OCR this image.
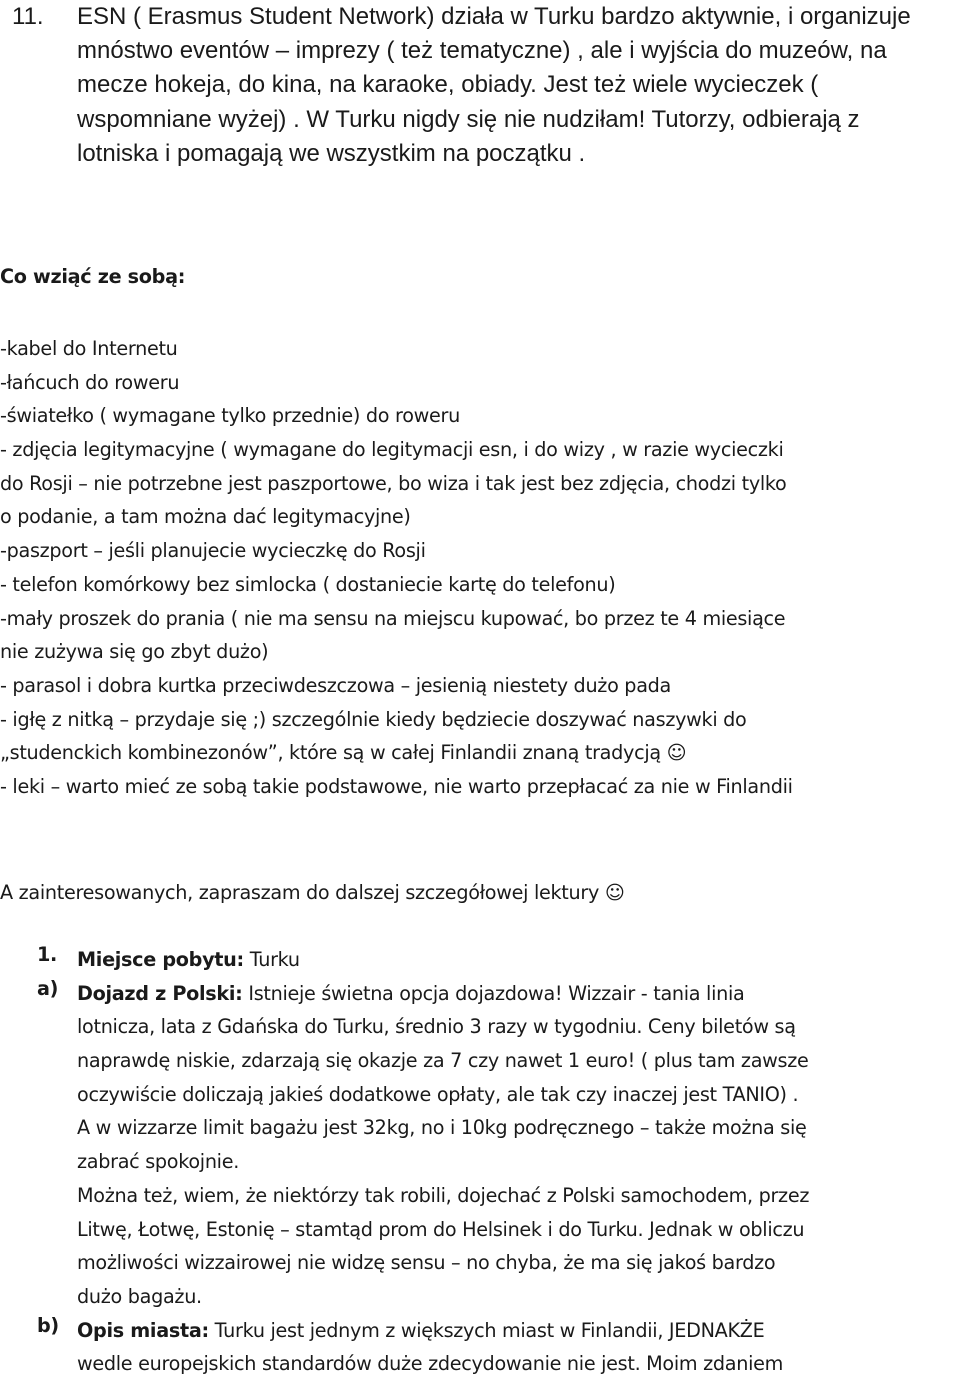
11. ESN ( Erasmus Student Network) działa w Turku bardzo aktywnie, i organizuje
mnóstwo eventów – imprezy ( też tematyczne) , ale i wyjścia do muzeów, na
mecze hokeja, do kina, na karaoke, obiady. Jest też wiele wycieczek (
wspomniane wyżej) . W Turku nigdy się nie nudziłam! Tutorzy, odbierają z
lotniska i pomagają we wszystkim na początku .
Co wziąć ze sobą:
-kabel do Internetu
-łańcuch do roweru
-światełko ( wymagane tylko przednie) do roweru
- zdjęcia legitymacyjne ( wymagane do legitymacji esn, i do wizy , w razie wycieczki
do Rosji – nie potrzebne jest paszportowe, bo wiza i tak jest bez zdjęcia, chodzi tylko
o podanie, a tam można dać legitymacyjne)
-paszport – jeśli planujecie wycieczkę do Rosji
- telefon komórkowy bez simlocka ( dostaniecie kartę do telefonu)
-mały proszek do prania ( nie ma sensu na miejscu kupować, bo przez te 4 miesiące
nie zużywa się go zbyt dużo)
- parasol i dobra kurtka przeciwdeszczowa – jesienią niestety dużo pada
- igłę z nitką – przydaje się ;) szczególnie kiedy będziecie doszywać naszywki do
„studenckich kombinezonów”, które są w całej Finlandii znaną tradycją ☺
- leki – warto mieć ze sobą takie podstawowe, nie warto przepłacać za nie w Finlandii
A zainteresowanych, zapraszam do dalszej szczegółowej lektury ☺
1. Miejsce pobytu: Turku
a) Dojazd z Polski: Istnieje świetna opcja dojazdowa! Wizzair - tania linia
lotnicza, lata z Gdańska do Turku, średnio 3 razy w tygodniu. Ceny biletów są
naprawdę niskie, zdarzają się okazje za 7 czy nawet 1 euro! ( plus tam zawsze
oczywiście doliczają jakieś dodatkowe opłaty, ale tak czy inaczej jest TANIO) .
A w wizzarze limit bagażu jest 32kg, no i 10kg podręcznego – także można się
zabrać spokojnie.
Można też, wiem, że niektórzy tak robili, dojechać z Polski samochodem, przez
Litwę, Łotwę, Estonię – stamtąd prom do Helsinek i do Turku. Jednak w obliczu
możliwości wizzairowej nie widzę sensu – no chyba, że ma się jakoś bardzo
dużo bagażu.
b) Opis miasta: Turku jest jednym z większych miast w Finlandii, JEDNAKŻE
wedle europejskich standardów duże zdecydowanie nie jest. Moim zdaniem
